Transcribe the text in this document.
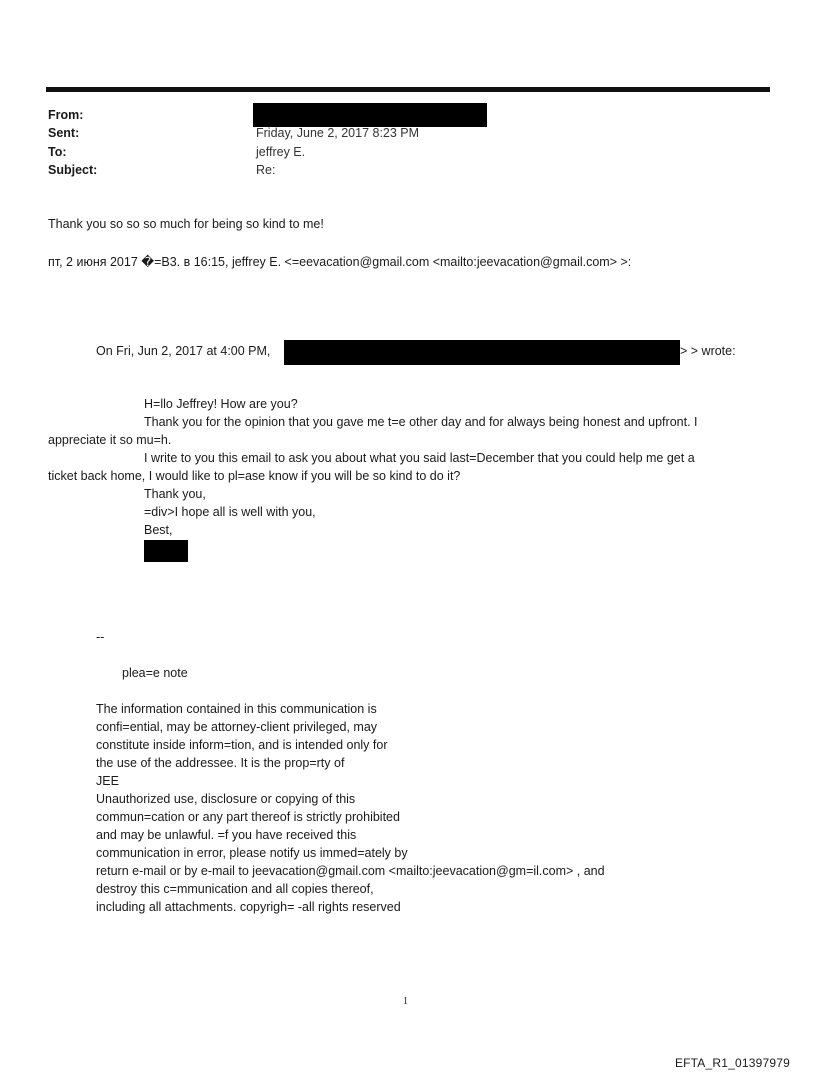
From:
Sent:	Friday, June 2, 2017 8:23 PM
To:	jeffrey E.
Subject:	Re:
Thank you so so so much for being so kind to me!
пт, 2 июня 2017 �=B3. в 16:15, jeffrey E. <=eevacation@gmail.com <mailto:jeevacation@gmail.com> >:
On Fri, Jun 2, 2017 at 4:00 PM,	> > wrote:
H=llo Jeffrey! How are you?
Thank you for the opinion that you gave me t=e other day and for always being honest and upfront. I
appreciate it so mu=h.
I write to you this email to ask you about what you said last=December that you could help me get a
ticket back home, I would like to pl=ase know if you will be so kind to do it?
Thank you,
=div>I hope all is well with you,
Best,
--
plea=e note
The information contained in this communication is
confi=ential, may be attorney-client privileged, may
constitute inside inform=tion, and is intended only for
the use of the addressee. It is the prop=rty of
JEE
Unauthorized use, disclosure or copying of this
commun=cation or any part thereof is strictly prohibited
and may be unlawful. =f you have received this
communication in error, please notify us immed=ately by
return e-mail or by e-mail to jeevacation@gmail.com <mailto:jeevacation@gm=il.com> , and
destroy this c=mmunication and all copies thereof,
including all attachments. copyrigh= -all rights reserved
1
EFTA_R1_01397979
